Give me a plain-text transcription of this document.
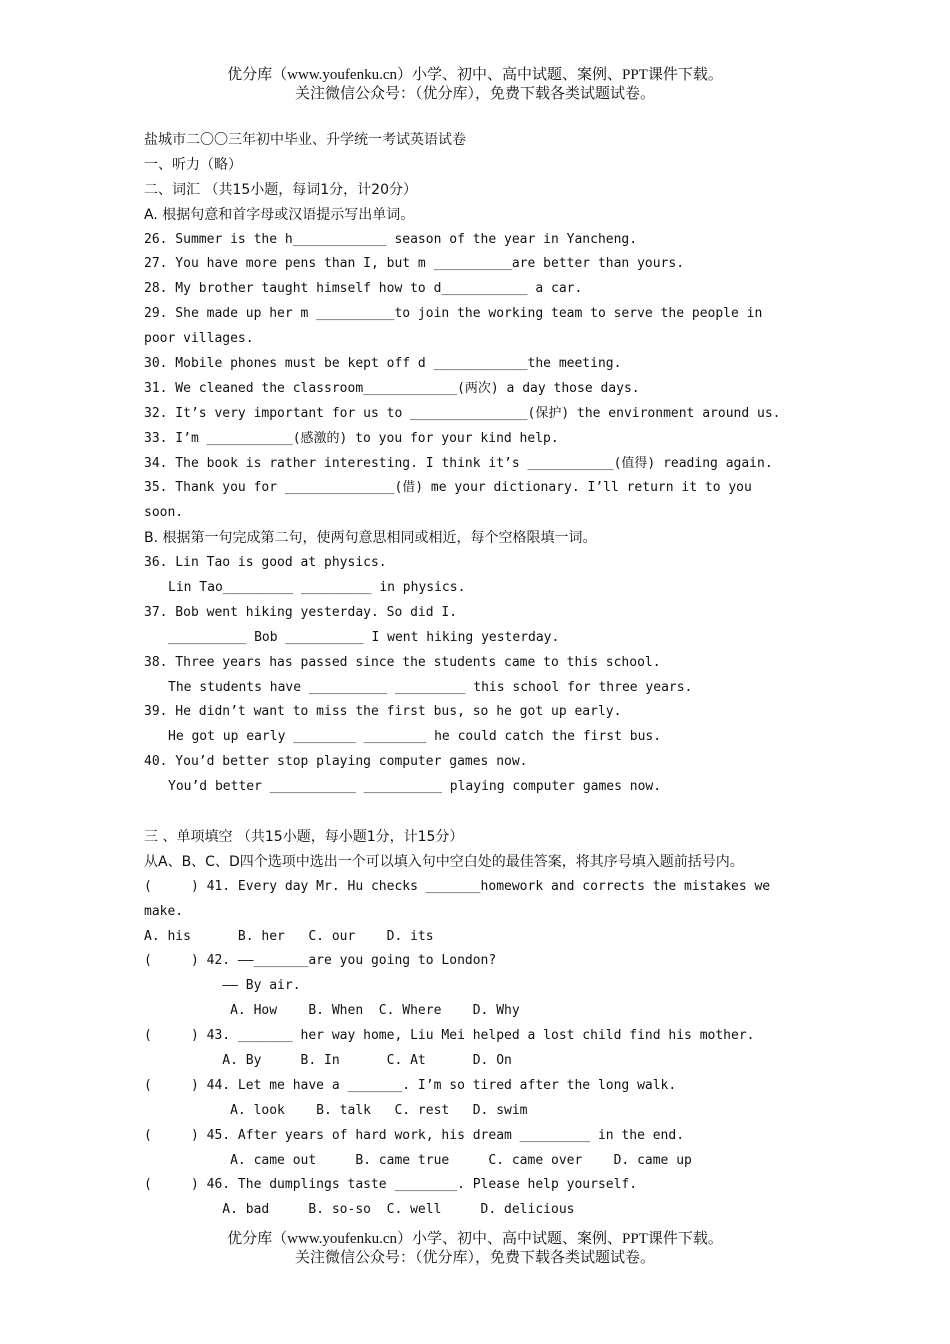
优分库（www.youfenku.cn）小学、初中、高中试题、案例、PPT课件下载。
关注微信公众号：（优分库），免费下载各类试题试卷。
盐城市二〇〇三年初中毕业、升学统一考试英语试卷
一、听力（略）
二、词汇 （共15小题，每词1分，计20分）
A. 根据句意和首字母或汉语提示写出单词。
26. Summer is the h____________ season of the year in Yancheng.
27. You have more pens than I, but m __________are better than yours.
28. My brother taught himself how to d___________ a car.
29. She made up her m __________to join the working team to serve the people in
poor villages.
30. Mobile phones must be kept off d ____________the meeting.
31. We cleaned the classroom____________(两次) a day those days.
32. It’s very important for us to _______________(保护) the environment around us.
33. I’m ___________(感激的) to you for your kind help.
34. The book is rather interesting. I think it’s ___________(值得) reading again.
35. Thank you for ______________(借) me your dictionary. I’ll return it to you
soon.
B. 根据第一句完成第二句，使两句意思相同或相近，每个空格限填一词。
36. Lin Tao is good at physics.
Lin Tao_________ _________ in physics.
37. Bob went hiking yesterday. So did I.
__________ Bob __________ I went hiking yesterday.
38. Three years has passed since the students came to this school.
The students have __________ _________ this school for three years.
39. He didn’t want to miss the first bus, so he got up early.
He got up early ________ ________ he could catch the first bus.
40. You’d better stop playing computer games now.
You’d better ___________ __________ playing computer games now.
三 、单项填空 （共15小题，每小题1分，计15分）
从A、B、C、D四个选项中选出一个可以填入句中空白处的最佳答案，将其序号填入题前括号内。
(     ) 41. Every day Mr. Hu checks _______homework and corrects the mistakes we
make.
A. his      B. her   C. our    D. its
(     ) 42. ——_______are you going to London?
—— By air.
A. How    B. When  C. Where    D. Why
(     ) 43. _______ her way home, Liu Mei helped a lost child find his mother.
A. By     B. In      C. At      D. On
(     ) 44. Let me have a _______. I’m so tired after the long walk.
A. look    B. talk   C. rest   D. swim
(     ) 45. After years of hard work, his dream _________ in the end.
A. came out     B. came true     C. came over    D. came up
(     ) 46. The dumplings taste ________. Please help yourself.
A. bad     B. so-so  C. well     D. delicious
优分库（www.youfenku.cn）小学、初中、高中试题、案例、PPT课件下载。
关注微信公众号：（优分库），免费下载各类试题试卷。
